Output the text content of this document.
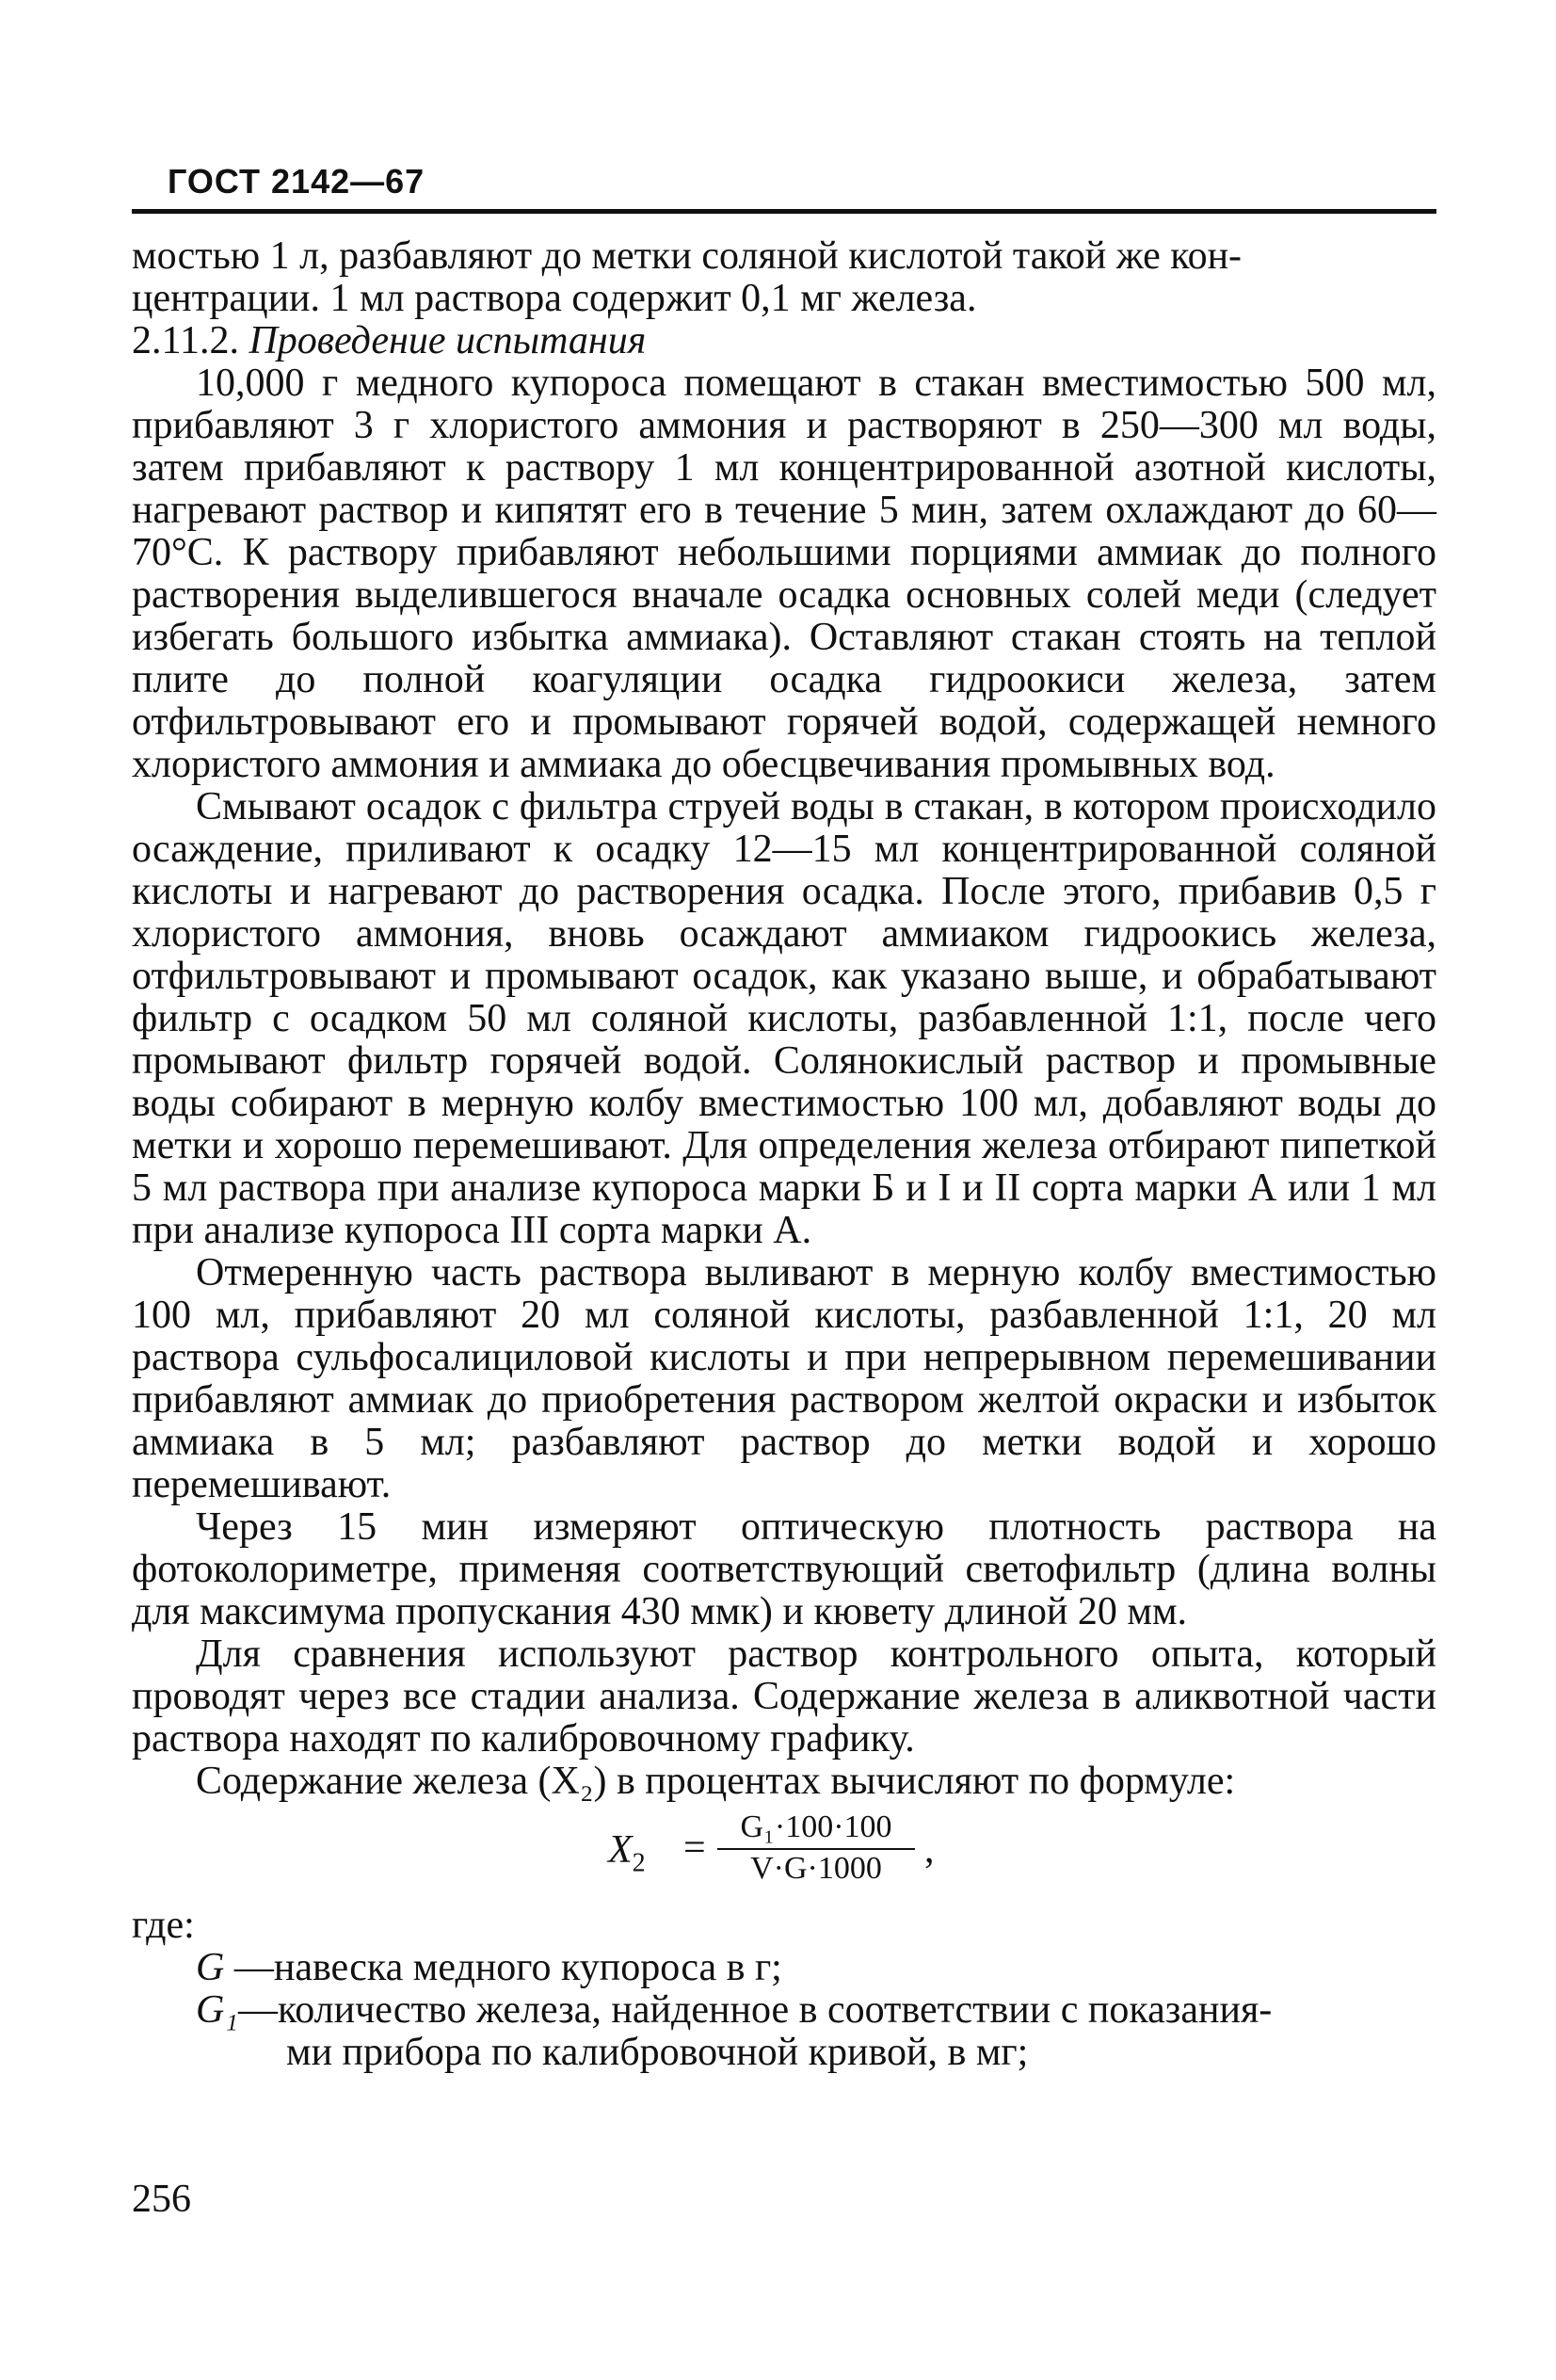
ГОСТ 2142—67

мостью 1 л, разбавляют до метки соляной кислотой такой же кон-

центрации. 1 мл раствора содержит 0,1 мг железа.

2.11.2. Проведение испытания

10,000 г медного купороса помещают в стакан вместимостью 500 мл, прибавляют 3 г хлористого аммония и растворяют в 250—300 мл воды, затем прибавляют к раствору 1 мл концентрированной азотной кислоты, нагревают раствор и кипятят его в течение 5 мин, затем охлаждают до 60—70°С. К раствору прибавляют небольшими порциями аммиак до полного растворения выделившегося вначале осадка основных солей меди (следует избегать большого избытка аммиака). Оставляют стакан стоять на теплой плите до полной коагуляции осадка гидроокиси железа, затем отфильтровывают его и промывают горячей водой, содержащей немного хлористого аммония и аммиака до обесцвечивания промывных вод.

Смывают осадок с фильтра струей воды в стакан, в котором происходило осаждение, приливают к осадку 12—15 мл концентрированной соляной кислоты и нагревают до растворения осадка. После этого, прибавив 0,5 г хлористого аммония, вновь осаждают аммиаком гидроокись железа, отфильтровывают и промывают осадок, как указано выше, и обрабатывают фильтр с осадком 50 мл соляной кислоты, разбавленной 1:1, после чего промывают фильтр горячей водой. Солянокислый раствор и промывные воды собирают в мерную колбу вместимостью 100 мл, добавляют воды до метки и хорошо перемешивают. Для определения железа отбирают пипеткой 5 мл раствора при анализе купороса марки Б и I и II сорта марки А или 1 мл при анализе купороса III сорта марки А.

Отмеренную часть раствора выливают в мерную колбу вместимостью 100 мл, прибавляют 20 мл соляной кислоты, разбавленной 1:1, 20 мл раствора сульфосалициловой кислоты и при непрерывном перемешивании прибавляют аммиак до приобретения раствором желтой окраски и избыток аммиака в 5 мл; разбавляют раствор до метки водой и хорошо перемешивают.

Через 15 мин измеряют оптическую плотность раствора на фотоколориметре, применяя соответствующий светофильтр (длина волны для максимума пропускания 430 ммк) и кювету длиной 20 мм.

Для сравнения используют раствор контрольного опыта, который проводят через все стадии анализа. Содержание железа в аликвотной части раствора находят по калибровочному графику.

Содержание железа (X₂) в процентах вычисляют по формуле:

$X_2 = \frac{\text{G₁·100·100}}{V\cdot G\cdot 1000}$ ,

где:

G — навеска медного купороса в г;
G₁ — количество железа, найденное в соответствии с показания-

ми прибора по калибровочной кривой, в мг;

256
